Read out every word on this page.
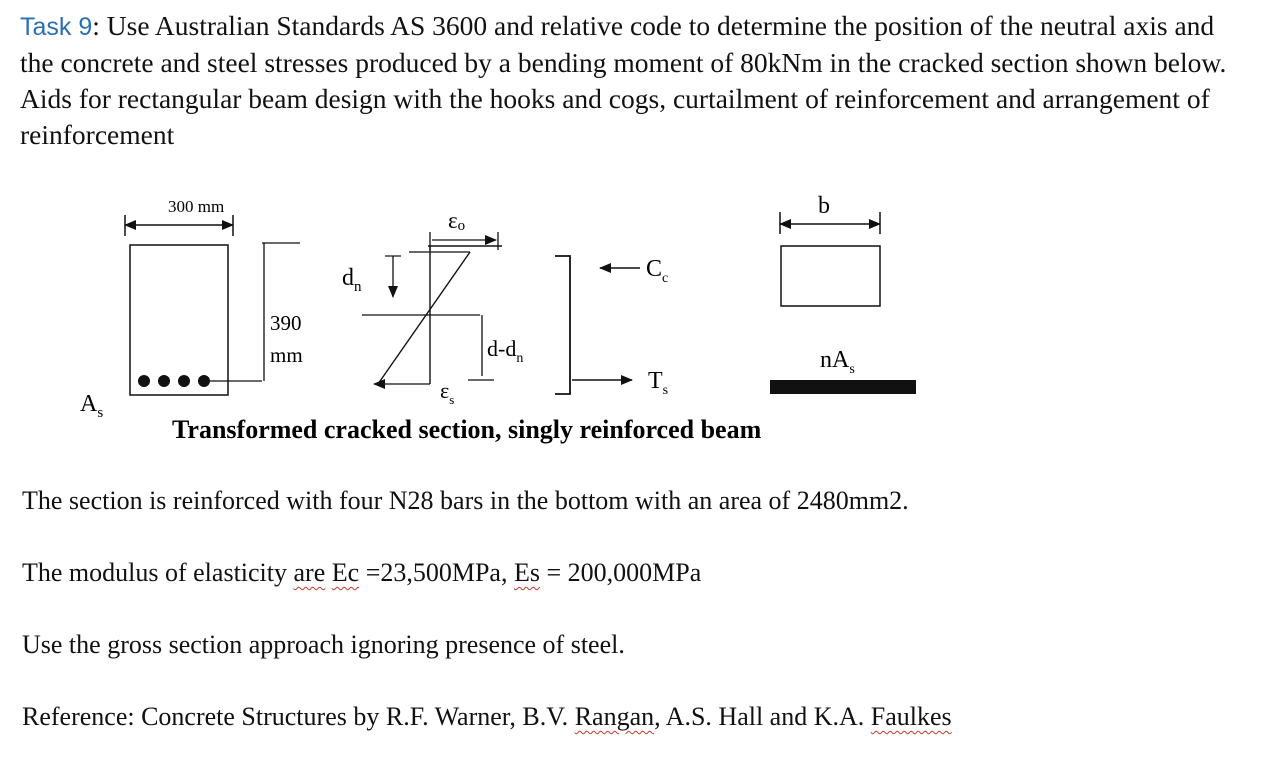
Task 9: Use Australian Standards AS 3600 and relative code to determine the position of the neutral axis and the concrete and steel stresses produced by a bending moment of 80kNm in the cracked section shown below. Aids for rectangular beam design with the hooks and cogs, curtailment of reinforcement and arrangement of reinforcement
300 mm
$A_s$
390
mm
εo
$d_n$
$d-d_n$
$\varepsilon_s$
$C_c$
$T_s$
b
$nA_s$
Transformed cracked section, singly reinforced beam
The section is reinforced with four N28 bars in the bottom with an area of 2480mm2.
The modulus of elasticity are Ec =23,500MPa, Es = 200,000MPa
Use the gross section approach ignoring presence of steel.
Reference: Concrete Structures by R.F. Warner, B.V. Rangan, A.S. Hall and K.A. Faulkes
